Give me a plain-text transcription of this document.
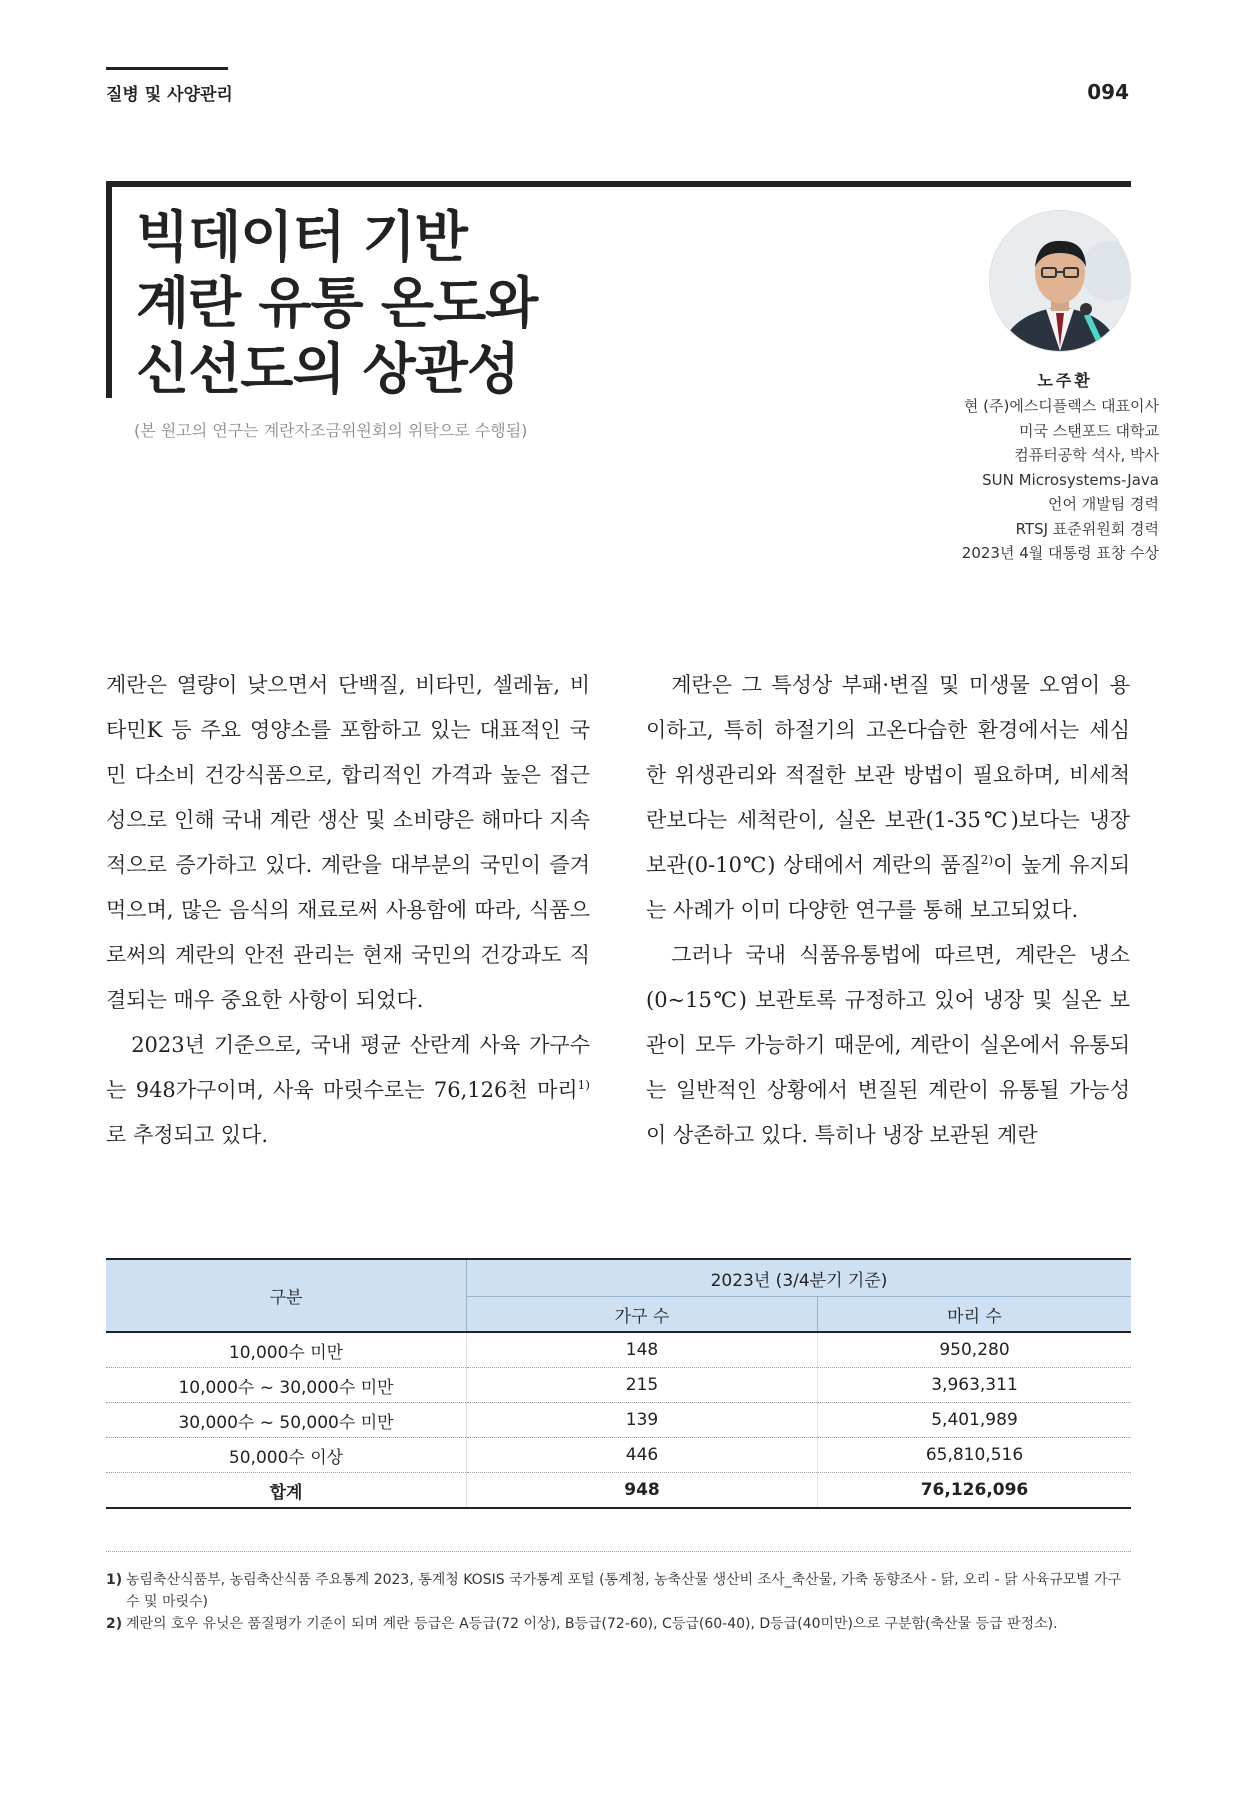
질병 및 사양관리	094
빅데이터 기반
계란 유통 온도와
신선도의 상관성
(본 원고의 연구는 계란자조금위원회의 위탁으로 수행됨)
노주환
현 (주)에스디플렉스 대표이사
미국 스탠포드 대학교
컴퓨터공학 석사, 박사
SUN Microsystems-Java
언어 개발팀 경력
RTSJ 표준위원회 경력
2023년 4월 대통령 표창 수상

계란은 열량이 낮으면서 단백질, 비타민, 셀레늄, 비타민K 등 주요 영양소를 포함하고 있는 대표적인 국민 다소비 건강식품으로, 합리적인 가격과 높은 접근성으로 인해 국내 계란 생산 및 소비량은 해마다 지속적으로 증가하고 있다. 계란을 대부분의 국민이 즐겨먹으며, 많은 음식의 재료로써 사용함에 따라, 식품으로써의 계란의 안전 관리는 현재 국민의 건강과도 직결되는 매우 중요한 사항이 되었다.

2023년 기준으로, 국내 평균 산란계 사육 가구수는 948가구이며, 사육 마릿수로는 76,126천 마리$^{1)}$로 추정되고 있다.

계란은 그 특성상 부패·변질 및 미생물 오염이 용이하고, 특히 하절기의 고온다습한 환경에서는 세심한 위생관리와 적절한 보관 방법이 필요하며, 비세척란보다는 세척란이, 실온 보관(1-35℃)보다는 냉장 보관(0-10℃) 상태에서 계란의 품질$^{2)}$이 높게 유지되는 사례가 이미 다양한 연구를 통해 보고되었다.

그러나 국내 식품유통법에 따르면, 계란은 냉소(0~15℃) 보관토록 규정하고 있어 냉장 및 실온 보관이 모두 가능하기 때문에, 계란이 실온에서 유통되는 일반적인 상황에서 변질된 계란이 유통될 가능성이 상존하고 있다. 특히나 냉장 보관된 계란

구분	2023년 (3/4분기 기준)	
	가구 수	마리 수
10,000수 미만	148	950,280
10,000수 ~ 30,000수 미만	215	3,963,311
30,000수 ~ 50,000수 미만	139	5,401,989
50,000수 이상	446	65,810,516
합계	948	76,126,096
1) 농림축산식품부, 농림축산식품 주요통계 2023, 통계청 KOSIS 국가통계 포털 (통계청, 농축산물 생산비 조사_축산물, 가축 동향조사 - 닭, 오리 - 닭 사육규모별 가구 수 및 마릿수)
2) 계란의 호우 유닛은 품질평가 기준이 되며 계란 등급은 A등급(72 이상), B등급(72-60), C등급(60-40), D등급(40미만)으로 구분함(축산물 등급 판정소).
